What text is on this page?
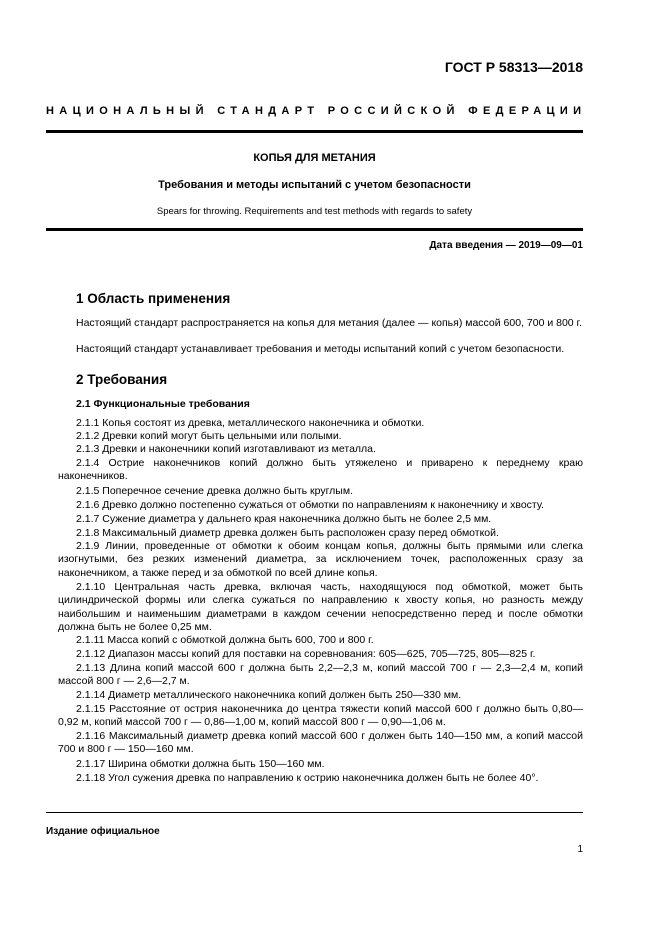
ГОСТ Р 58313—2018
НАЦИОНАЛЬНЫЙ СТАНДАРТ РОССИЙСКОЙ ФЕДЕРАЦИИ
КОПЬЯ ДЛЯ МЕТАНИЯ
Требования и методы испытаний с учетом безопасности
Spears for throwing. Requirements and test methods with regards to safety
Дата введения — 2019—09—01
1 Область применения
Настоящий стандарт распространяется на копья для метания (далее — копья) массой 600, 700 и 800 г.
Настоящий стандарт устанавливает требования и методы испытаний копий с учетом безопасности.
2 Требования
2.1 Функциональные требования
2.1.1 Копья состоят из древка, металлического наконечника и обмотки.
2.1.2 Древки копий могут быть цельными или полыми.
2.1.3 Древки и наконечники копий изготавливают из металла.
2.1.4 Острие наконечников копий должно быть утяжелено и приварено к переднему краю наконечников.
2.1.5 Поперечное сечение древка должно быть круглым.
2.1.6 Древко должно постепенно сужаться от обмотки по направлениям к наконечнику и хвосту.
2.1.7 Сужение диаметра у дальнего края наконечника должно быть не более 2,5 мм.
2.1.8 Максимальный диаметр древка должен быть расположен сразу перед обмоткой.
2.1.9 Линии, проведенные от обмотки к обоим концам копья, должны быть прямыми или слегка изогнутыми, без резких изменений диаметра, за исключением точек, расположенных сразу за наконечником, а также перед и за обмоткой по всей длине копья.
2.1.10 Центральная часть древка, включая часть, находящуюся под обмоткой, может быть цилиндрической формы или слегка сужаться по направлению к хвосту копья, но разность между наибольшим и наименьшим диаметрами в каждом сечении непосредственно перед и после обмотки должна быть не более 0,25 мм.
2.1.11 Масса копий с обмоткой должна быть 600, 700 и 800 г.
2.1.12 Диапазон массы копий для поставки на соревнования: 605—625, 705—725, 805—825 г.
2.1.13 Длина копий массой 600 г должна быть 2,2—2,3 м, копий массой 700 г — 2,3—2,4 м, копий массой 800 г — 2,6—2,7 м.
2.1.14 Диаметр металлического наконечника копий должен быть 250—330 мм.
2.1.15 Расстояние от острия наконечника до центра тяжести копий массой 600 г должно быть 0,80—0,92 м, копий массой 700 г — 0,86—1,00 м, копий массой 800 г — 0,90—1,06 м.
2.1.16 Максимальный диаметр древка копий массой 600 г должен быть 140—150 мм, а копий массой 700 и 800 г — 150—160 мм.
2.1.17 Ширина обмотки должна быть 150—160 мм.
2.1.18 Угол сужения древка по направлению к острию наконечника должен быть не более 40°.
Издание официальное
1
